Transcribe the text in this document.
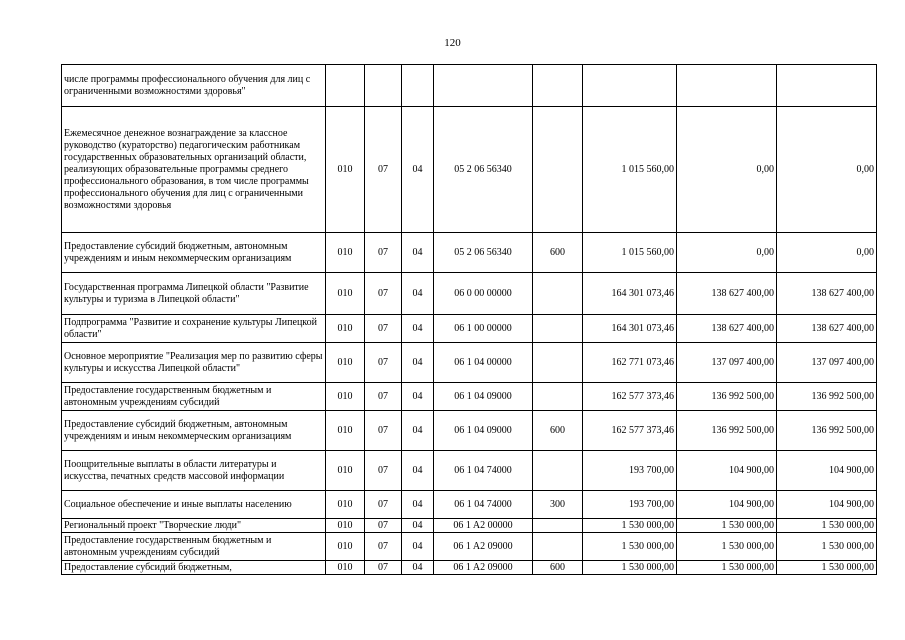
120
числе программы профессионального обучения для лиц с ограниченными возможностями здоровья"								
Ежемесячное денежное вознаграждение за классное руководство (кураторство) педагогическим работникам государственных образовательных организаций области, реализующих образовательные программы среднего профессионального образования, в том числе программы профессионального обучения для лиц с ограниченными возможностями здоровья	010	07	04	05 2 06 56340		1 015 560,00	0,00	0,00
Предоставление субсидий бюджетным, автономным учреждениям и иным некоммерческим организациям	010	07	04	05 2 06 56340	600	1 015 560,00	0,00	0,00
Государственная программа Липецкой области "Развитие культуры и туризма в Липецкой области"	010	07	04	06 0 00 00000		164 301 073,46	138 627 400,00	138 627 400,00
Подпрограмма "Развитие и сохранение культуры Липецкой области"	010	07	04	06 1 00 00000		164 301 073,46	138 627 400,00	138 627 400,00
Основное мероприятие "Реализация мер по развитию сферы культуры и искусства Липецкой области"	010	07	04	06 1 04 00000		162 771 073,46	137 097 400,00	137 097 400,00
Предоставление государственным бюджетным и автономным учреждениям субсидий	010	07	04	06 1 04 09000		162 577 373,46	136 992 500,00	136 992 500,00
Предоставление субсидий бюджетным, автономным учреждениям и иным некоммерческим организациям	010	07	04	06 1 04 09000	600	162 577 373,46	136 992 500,00	136 992 500,00
Поощрительные выплаты в области литературы и искусства, печатных средств массовой информации	010	07	04	06 1 04 74000		193 700,00	104 900,00	104 900,00
Социальное обеспечение и иные выплаты населению	010	07	04	06 1 04 74000	300	193 700,00	104 900,00	104 900,00
Региональный проект "Творческие люди"	010	07	04	06 1 A2 00000		1 530 000,00	1 530 000,00	1 530 000,00
Предоставление государственным бюджетным и автономным учреждениям субсидий	010	07	04	06 1 A2 09000		1 530 000,00	1 530 000,00	1 530 000,00
Предоставление субсидий бюджетным,	010	07	04	06 1 A2 09000	600	1 530 000,00	1 530 000,00	1 530 000,00
